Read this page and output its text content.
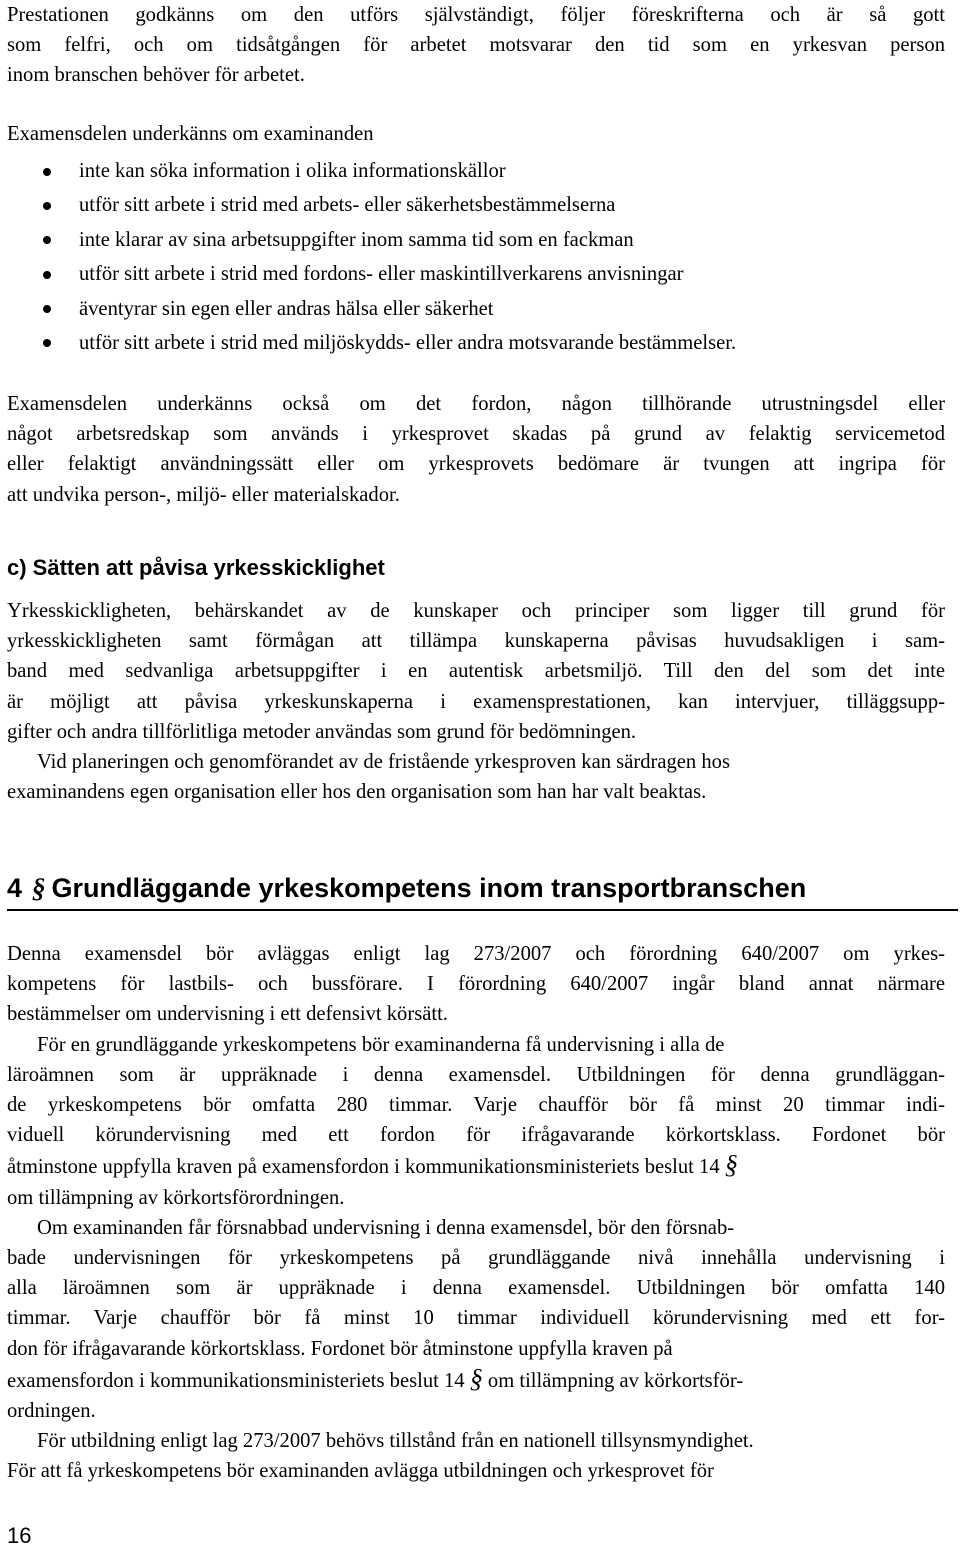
Prestationen godkänns om den utförs självständigt, följer föreskrifterna och är så gott
som felfri, och om tidsåtgången för arbetet motsvarar den tid som en yrkesvan person
inom branschen behöver för arbetet.

Examensdelen underkänns om examinanden

inte kan söka information i olika informationskällor
utför sitt arbete i strid med arbets- eller säkerhetsbestämmelserna
inte klarar av sina arbetsuppgifter inom samma tid som en fackman
utför sitt arbete i strid med fordons- eller maskintillverkarens anvisningar
äventyrar sin egen eller andras hälsa eller säkerhet
utför sitt arbete i strid med miljöskydds- eller andra motsvarande bestämmelser.

Examensdelen underkänns också om det fordon, någon tillhörande utrustningsdel eller
något arbetsredskap som används i yrkesprovet skadas på grund av felaktig servicemetod
eller felaktigt användningssätt eller om yrkesprovets bedömare är tvungen att ingripa för
att undvika person-, miljö- eller materialskador.

c) Sätten att påvisa yrkesskicklighet

Yrkesskickligheten, behärskandet av de kunskaper och principer som ligger till grund för
yrkesskickligheten samt förmågan att tillämpa kunskaperna påvisas huvudsakligen i sam-
band med sedvanliga arbetsuppgifter i en autentisk arbetsmiljö. Till den del som det inte
är möjligt att påvisa yrkeskunskaperna i examensprestationen, kan intervjuer, tilläggsupp-
gifter och andra tillförlitliga metoder användas som grund för bedömningen.
Vid planeringen och genomförandet av de fristående yrkesproven kan särdragen hos
examinandens egen organisation eller hos den organisation som han har valt beaktas.

4 § Grundläggande yrkeskompetens inom transportbranschen

Denna examensdel bör avläggas enligt lag 273/2007 och förordning 640/2007 om yrkes-
kompetens för lastbils- och bussförare. I förordning 640/2007 ingår bland annat närmare
bestämmelser om undervisning i ett defensivt körsätt.
För en grundläggande yrkeskompetens bör examinanderna få undervisning i alla de
läroämnen som är uppräknade i denna examensdel. Utbildningen för denna grundläggan-
de yrkeskompetens bör omfatta 280 timmar. Varje chaufför bör få minst 20 timmar indi-
viduell körundervisning med ett fordon för ifrågavarande körkortsklass. Fordonet bör
åtminstone uppfylla kraven på examensfordon i kommunikationsministeriets beslut 14 §
om tillämpning av körkortsförordningen.
Om examinanden får försnabbad undervisning i denna examensdel, bör den försnab-
bade undervisningen för yrkeskompetens på grundläggande nivå innehålla undervisning i
alla läroämnen som är uppräknade i denna examensdel. Utbildningen bör omfatta 140
timmar. Varje chaufför bör få minst 10 timmar individuell körundervisning med ett for-
don för ifrågavarande körkortsklass. Fordonet bör åtminstone uppfylla kraven på
examensfordon i kommunikationsministeriets beslut 14 § om tillämpning av körkortsför-
ordningen.
För utbildning enligt lag 273/2007 behövs tillstånd från en nationell tillsynsmyndighet.
För att få yrkeskompetens bör examinanden avlägga utbildningen och yrkesprovet för

16
